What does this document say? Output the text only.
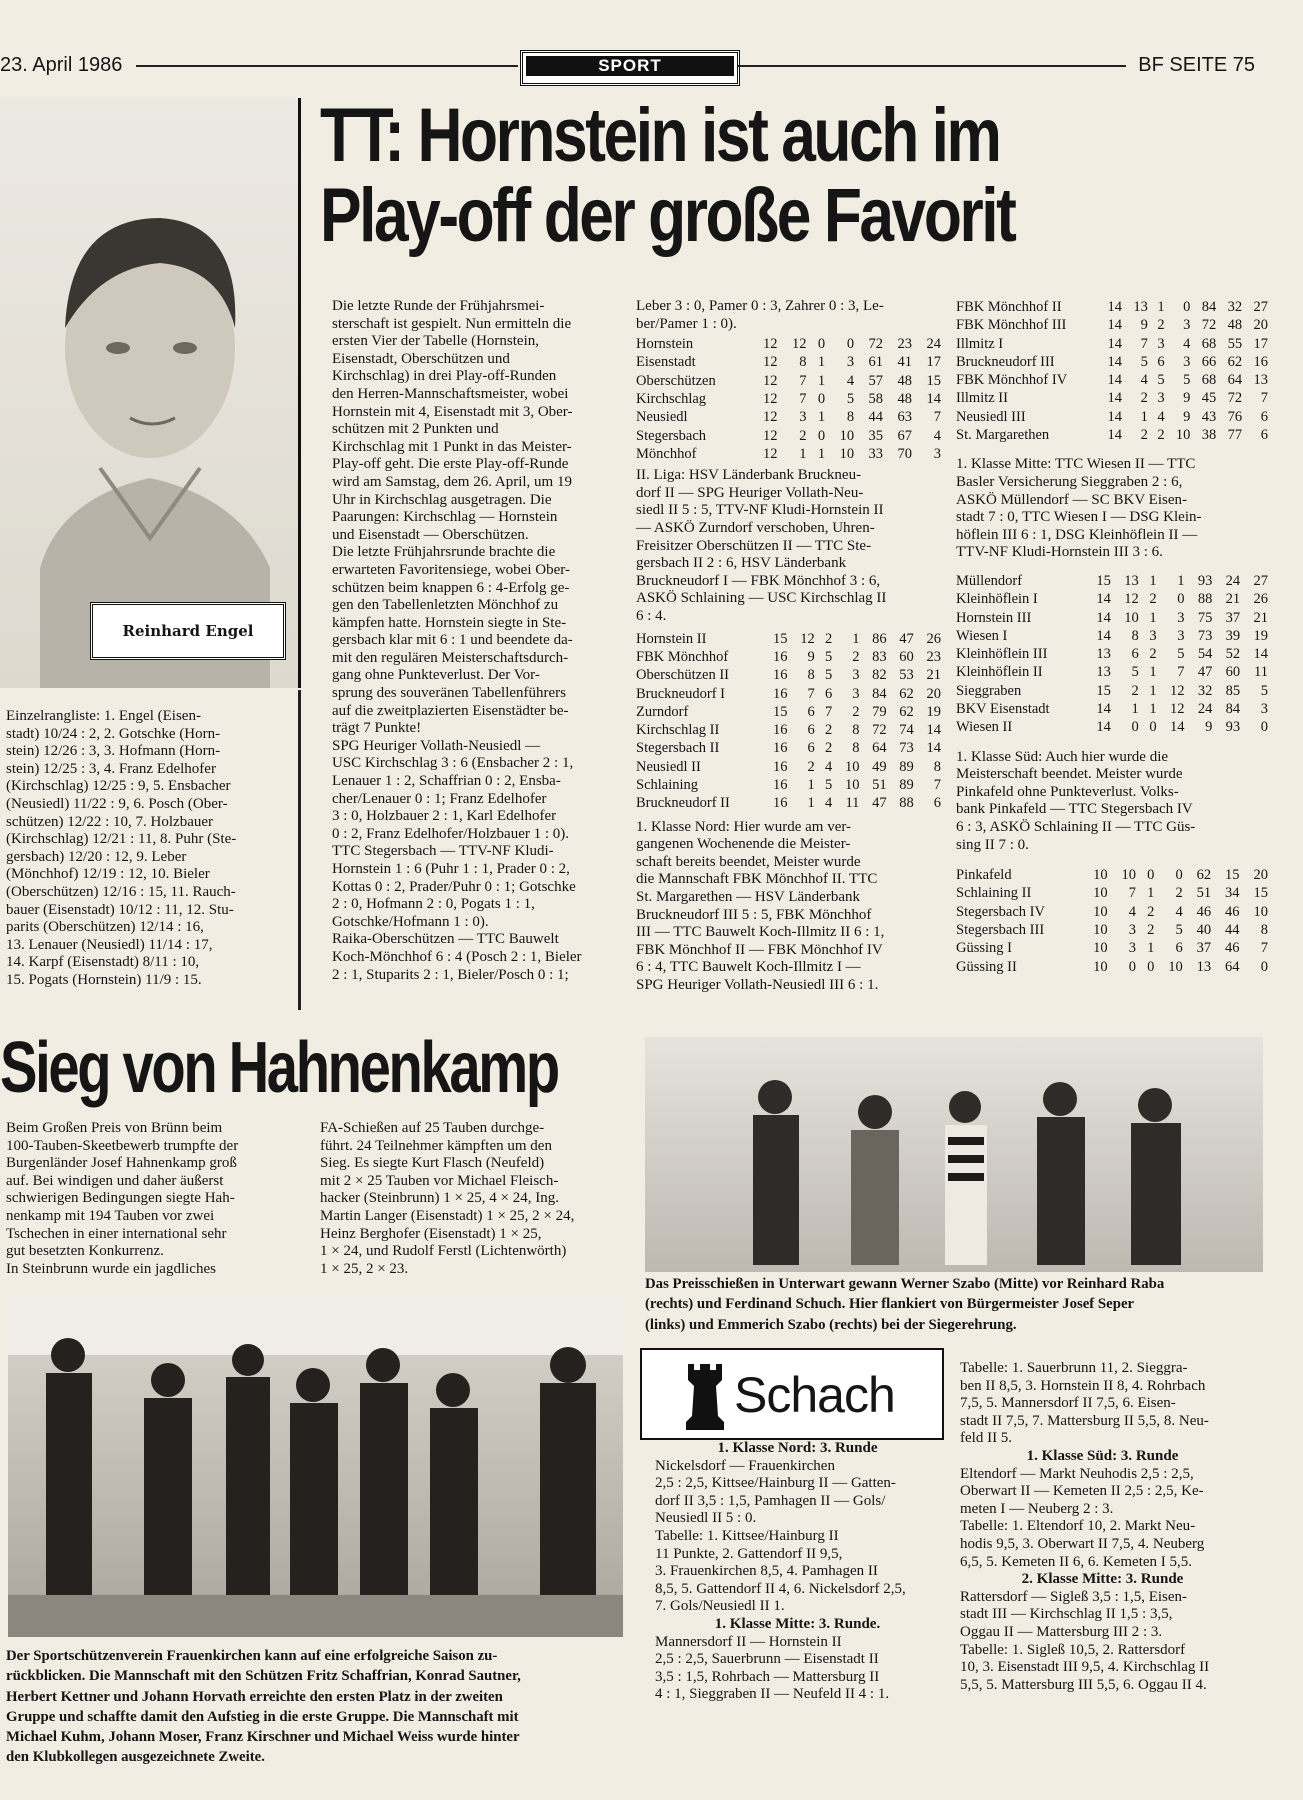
23. April 1986	SPORT	BF SEITE 75
Reinhard Engel
TT: Hornstein ist auch im
Play-off der große Favorit
Einzelrangliste: 1. Engel (Eisen-
stadt) 10/24 : 2, 2. Gotschke (Horn-
stein) 12/26 : 3, 3. Hofmann (Horn-
stein) 12/25 : 3, 4. Franz Edelhofer
(Kirchschlag) 12/25 : 9, 5. Ensbacher
(Neusiedl) 11/22 : 9, 6. Posch (Ober-
schützen) 12/22 : 10, 7. Holzbauer
(Kirchschlag) 12/21 : 11, 8. Puhr (Ste-
gersbach) 12/20 : 12, 9. Leber
(Mönchhof) 12/19 : 12, 10. Bieler
(Oberschützen) 12/16 : 15, 11. Rauch-
bauer (Eisenstadt) 10/12 : 11, 12. Stu-
parits (Oberschützen) 12/14 : 16,
13. Lenauer (Neusiedl) 11/14 : 17,
14. Karpf (Eisenstadt) 8/11 : 10,
15. Pogats (Hornstein) 11/9 : 15.
Die letzte Runde der Frühjahrsmei-
sterschaft ist gespielt. Nun ermitteln die
ersten Vier der Tabelle (Hornstein,
Eisenstadt, Oberschützen und
Kirchschlag) in drei Play-off-Runden
den Herren-Mannschaftsmeister, wobei
Hornstein mit 4, Eisenstadt mit 3, Ober-
schützen mit 2 Punkten und
Kirchschlag mit 1 Punkt in das Meister-
Play-off geht. Die erste Play-off-Runde
wird am Samstag, dem 26. April, um 19
Uhr in Kirchschlag ausgetragen. Die
Paarungen: Kirchschlag — Hornstein
und Eisenstadt — Oberschützen.
Die letzte Frühjahrsrunde brachte die
erwarteten Favoritensiege, wobei Ober-
schützen beim knappen 6 : 4-Erfolg ge-
gen den Tabellenletzten Mönchhof zu
kämpfen hatte. Hornstein siegte in Ste-
gersbach klar mit 6 : 1 und beendete da-
mit den regulären Meisterschaftsdurch-
gang ohne Punkteverlust. Der Vor-
sprung des souveränen Tabellenführers
auf die zweitplazierten Eisenstädter be-
trägt 7 Punkte!
SPG Heuriger Vollath-Neusiedl —
USC Kirchschlag 3 : 6 (Ensbacher 2 : 1,
Lenauer 1 : 2, Schaffrian 0 : 2, Ensba-
cher/Lenauer 0 : 1; Franz Edelhofer
3 : 0, Holzbauer 2 : 1, Karl Edelhofer
0 : 2, Franz Edelhofer/Holzbauer 1 : 0).
TTC Stegersbach — TTV-NF Kludi-
Hornstein 1 : 6 (Puhr 1 : 1, Prader 0 : 2,
Kottas 0 : 2, Prader/Puhr 0 : 1; Gotschke
2 : 0, Hofmann 2 : 0, Pogats 1 : 1,
Gotschke/Hofmann 1 : 0).
Raika-Oberschützen — TTC Bauwelt
Koch-Mönchhof 6 : 4 (Posch 2 : 1, Bieler
2 : 1, Stuparits 2 : 1, Bieler/Posch 0 : 1;
Leber 3 : 0, Pamer 0 : 3, Zahrer 0 : 3, Le-
ber/Pamer 1 : 0).
Hornstein	12	12	0	0	72	23	24
Eisenstadt	12	8	1	3	61	41	17
Oberschützen	12	7	1	4	57	48	15
Kirchschlag	12	7	0	5	58	48	14
Neusiedl	12	3	1	8	44	63	7
Stegersbach	12	2	0	10	35	67	4
Mönchhof	12	1	1	10	33	70	3
II. Liga: HSV Länderbank Bruckneu-
dorf II — SPG Heuriger Vollath-Neu-
siedl II 5 : 5, TTV-NF Kludi-Hornstein II
— ASKÖ Zurndorf verschoben, Uhren-
Freisitzer Oberschützen II — TTC Ste-
gersbach II 2 : 6, HSV Länderbank
Bruckneudorf I — FBK Mönchhof 3 : 6,
ASKÖ Schlaining — USC Kirchschlag II
6 : 4.
Hornstein II	15	12	2	1	86	47	26
FBK Mönchhof	16	9	5	2	83	60	23
Oberschützen II	16	8	5	3	82	53	21
Bruckneudorf I	16	7	6	3	84	62	20
Zurndorf	15	6	7	2	79	62	19
Kirchschlag II	16	6	2	8	72	74	14
Stegersbach II	16	6	2	8	64	73	14
Neusiedl II	16	2	4	10	49	89	8
Schlaining	16	1	5	10	51	89	7
Bruckneudorf II	16	1	4	11	47	88	6
1. Klasse Nord: Hier wurde am ver-
gangenen Wochenende die Meister-
schaft bereits beendet, Meister wurde
die Mannschaft FBK Mönchhof II. TTC
St. Margarethen — HSV Länderbank
Bruckneudorf III 5 : 5, FBK Mönchhof
III — TTC Bauwelt Koch-Illmitz II 6 : 1,
FBK Mönchhof II — FBK Mönchhof IV
6 : 4, TTC Bauwelt Koch-Illmitz I —
SPG Heuriger Vollath-Neusiedl III 6 : 1.
FBK Mönchhof II	14	13	1	0	84	32	27
FBK Mönchhof III	14	9	2	3	72	48	20
Illmitz I	14	7	3	4	68	55	17
Bruckneudorf III	14	5	6	3	66	62	16
FBK Mönchhof IV	14	4	5	5	68	64	13
Illmitz II	14	2	3	9	45	72	7
Neusiedl III	14	1	4	9	43	76	6
St. Margarethen	14	2	2	10	38	77	6
1. Klasse Mitte: TTC Wiesen II — TTC
Basler Versicherung Sieggraben 2 : 6,
ASKÖ Müllendorf — SC BKV Eisen-
stadt 7 : 0, TTC Wiesen I — DSG Klein-
höflein III 6 : 1, DSG Kleinhöflein II —
TTV-NF Kludi-Hornstein III 3 : 6.
Müllendorf	15	13	1	1	93	24	27
Kleinhöflein I	14	12	2	0	88	21	26
Hornstein III	14	10	1	3	75	37	21
Wiesen I	14	8	3	3	73	39	19
Kleinhöflein III	13	6	2	5	54	52	14
Kleinhöflein II	13	5	1	7	47	60	11
Sieggraben	15	2	1	12	32	85	5
BKV Eisenstadt	14	1	1	12	24	84	3
Wiesen II	14	0	0	14	9	93	0
1. Klasse Süd: Auch hier wurde die
Meisterschaft beendet. Meister wurde
Pinkafeld ohne Punkteverlust. Volks-
bank Pinkafeld — TTC Stegersbach IV
6 : 3, ASKÖ Schlaining II — TTC Güs-
sing II 7 : 0.
Pinkafeld	10	10	0	0	62	15	20
Schlaining II	10	7	1	2	51	34	15
Stegersbach IV	10	4	2	4	46	46	10
Stegersbach III	10	3	2	5	40	44	8
Güssing I	10	3	1	6	37	46	7
Güssing II	10	0	0	10	13	64	0
Sieg von Hahnenkamp
Beim Großen Preis von Brünn beim
100-Tauben-Skeetbewerb trumpfte der
Burgenländer Josef Hahnenkamp groß
auf. Bei windigen und daher äußerst
schwierigen Bedingungen siegte Hah-
nenkamp mit 194 Tauben vor zwei
Tschechen in einer international sehr
gut besetzten Konkurrenz.
In Steinbrunn wurde ein jagdliches
FA-Schießen auf 25 Tauben durchge-
führt. 24 Teilnehmer kämpften um den
Sieg. Es siegte Kurt Flasch (Neufeld)
mit 2 × 25 Tauben vor Michael Fleisch-
hacker (Steinbrunn) 1 × 25, 4 × 24, Ing.
Martin Langer (Eisenstadt) 1 × 25, 2 × 24,
Heinz Berghofer (Eisenstadt) 1 × 25,
1 × 24, und Rudolf Ferstl (Lichtenwörth)
1 × 25, 2 × 23.
Das Preisschießen in Unterwart gewann Werner Szabo (Mitte) vor Reinhard Raba
(rechts) und Ferdinand Schuch. Hier flankiert von Bürgermeister Josef Seper
(links) und Emmerich Szabo (rechts) bei der Siegerehrung.
Der Sportschützenverein Frauenkirchen kann auf eine erfolgreiche Saison zu-
rückblicken. Die Mannschaft mit den Schützen Fritz Schaffrian, Konrad Sautner,
Herbert Kettner und Johann Horvath erreichte den ersten Platz in der zweiten
Gruppe und schaffte damit den Aufstieg in die erste Gruppe. Die Mannschaft mit
Michael Kuhm, Johann Moser, Franz Kirschner und Michael Weiss wurde hinter
den Klubkollegen ausgezeichnete Zweite.
Schach
1. Klasse Nord: 3. Runde
Nickelsdorf — Frauenkirchen
2,5 : 2,5, Kittsee/Hainburg II — Gatten-
dorf II 3,5 : 1,5, Pamhagen II — Gols/
Neusiedl II 5 : 0.
Tabelle: 1. Kittsee/Hainburg II
11 Punkte, 2. Gattendorf II 9,5,
3. Frauenkirchen 8,5, 4. Pamhagen II
8,5, 5. Gattendorf II 4, 6. Nickelsdorf 2,5,
7. Gols/Neusiedl II 1.
1. Klasse Mitte: 3. Runde.
Mannersdorf II — Hornstein II
2,5 : 2,5, Sauerbrunn — Eisenstadt II
3,5 : 1,5, Rohrbach — Mattersburg II
4 : 1, Sieggraben II — Neufeld II 4 : 1.
Tabelle: 1. Sauerbrunn 11, 2. Sieggra-
ben II 8,5, 3. Hornstein II 8, 4. Rohrbach
7,5, 5. Mannersdorf II 7,5, 6. Eisen-
stadt II 7,5, 7. Mattersburg II 5,5, 8. Neu-
feld II 5.
1. Klasse Süd: 3. Runde
Eltendorf — Markt Neuhodis 2,5 : 2,5,
Oberwart II — Kemeten II 2,5 : 2,5, Ke-
meten I — Neuberg 2 : 3.
Tabelle: 1. Eltendorf 10, 2. Markt Neu-
hodis 9,5, 3. Oberwart II 7,5, 4. Neuberg
6,5, 5. Kemeten II 6, 6. Kemeten I 5,5.
2. Klasse Mitte: 3. Runde
Rattersdorf — Sigleß 3,5 : 1,5, Eisen-
stadt III — Kirchschlag II 1,5 : 3,5,
Oggau II — Mattersburg III 2 : 3.
Tabelle: 1. Sigleß 10,5, 2. Rattersdorf
10, 3. Eisenstadt III 9,5, 4. Kirchschlag II
5,5, 5. Mattersburg III 5,5, 6. Oggau II 4.
